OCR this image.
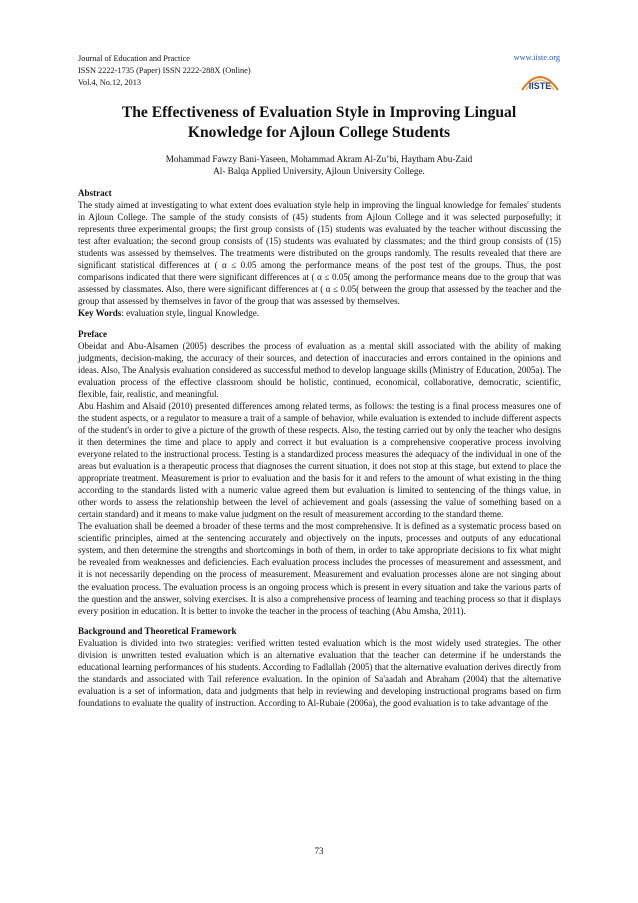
Journal of Education and Practice
ISSN 2222-1735 (Paper) ISSN 2222-288X (Online)
Vol.4, No.12, 2013
www.iiste.org
IISTE
The Effectiveness of Evaluation Style in Improving Lingual
Knowledge for Ajloun College Students
Mohammad Fawzy Bani-Yaseen, Mohammad Akram Al-Zu’bi, Haytham Abu-Zaid
Al- Balqa Applied University, Ajloun University College.

Abstract

The study aimed at investigating to what extent does evaluation style help in improving the lingual knowledge for females' students in Ajloun College. The sample of the study consists of (45) students from Ajloun College and it was selected purposefully; it represents three experimental groups; the first group consists of (15) students was evaluated by the teacher without discussing the test after evaluation; the second group consists of (15) students was evaluated by classmates; and the third group consists of (15) students was assessed by themselves. The treatments were distributed on the groups randomly. The results revealed that there are significant statistical differences at ( α ≤ 0.05 among the performance means of the post test of the groups. Thus, the post comparisons indicated that there were significant differences at ( α ≤ 0.05( among the performance means due to the group that was assessed by classmates. Also, there were significant differences at ( α ≤ 0.05( between the group that assessed by the teacher and the group that assessed by themselves in favor of the group that was assessed by themselves.

Key Words: evaluation style, lingual Knowledge.

Preface

Obeidat and Abu-Alsamen (2005) describes the process of evaluation as a mental skill associated with the ability of making judgments, decision-making, the accuracy of their sources, and detection of inaccuracies and errors contained in the opinions and ideas. Also, The Analysis evaluation considered as successful method to develop language skills (Ministry of Education, 2005a). The evaluation process of the effective classroom should be holistic, continued, economical, collaborative, democratic, scientific, flexible, fair, realistic, and meaningful.

Abu Hashim and Alsaid (2010) presented differences among related terms, as follows: the testing is a final process measures one of the student aspects, or a regulator to measure a trait of a sample of behavior, while evaluation is extended to include different aspects of the student's in order to give a picture of the growth of these respects. Also, the testing carried out by only the teacher who designs it then determines the time and place to apply and correct it but evaluation is a comprehensive cooperative process involving everyone related to the instructional process. Testing is a standardized process measures the adequacy of the individual in one of the areas but evaluation is a therapeutic process that diagnoses the current situation, it does not stop at this stage, but extend to place the appropriate treatment. Measurement is prior to evaluation and the basis for it and refers to the amount of what existing in the thing according to the standards listed with a numeric value agreed them but evaluation is limited to sentencing of the things value, in other words to assess the relationship between the level of achievement and goals (assessing the value of something based on a certain standard) and it means to make value judgment on the result of measurement according to the standard theme.

The evaluation shall be deemed a broader of these terms and the most comprehensive. It is defined as a systematic process based on scientific principles, aimed at the sentencing accurately and objectively on the inputs, processes and outputs of any educational system, and then determine the strengths and shortcomings in both of them, in order to take appropriate decisions to fix what might be revealed from weaknesses and deficiencies. Each evaluation process includes the processes of measurement and assessment, and it is not necessarily depending on the process of measurement. Measurement and evaluation processes alone are not singing about the evaluation process. The evaluation process is an ongoing process which is present in every situation and take the various parts of the question and the answer, solving exercises. It is also a comprehensive process of learning and teaching process so that it displays every position in education. It is better to invoke the teacher in the process of teaching (Abu Amsha, 2011).

Background and Theoretical Framework

Evaluation is divided into two strategies: verified written tested evaluation which is the most widely used strategies. The other division is unwritten tested evaluation which is an alternative evaluation that the teacher can determine if he understands the educational learning performances of his students. According to Fadlallah (2005) that the alternative evaluation derives directly from the standards and associated with Tail reference evaluation. In the opinion of Sa'aadah and Abraham (2004) that the alternative evaluation is a set of information, data and judgments that help in reviewing and developing instructional programs based on firm foundations to evaluate the quality of instruction. According to Al-Rubaie (2006a), the good evaluation is to take advantage of the

73
